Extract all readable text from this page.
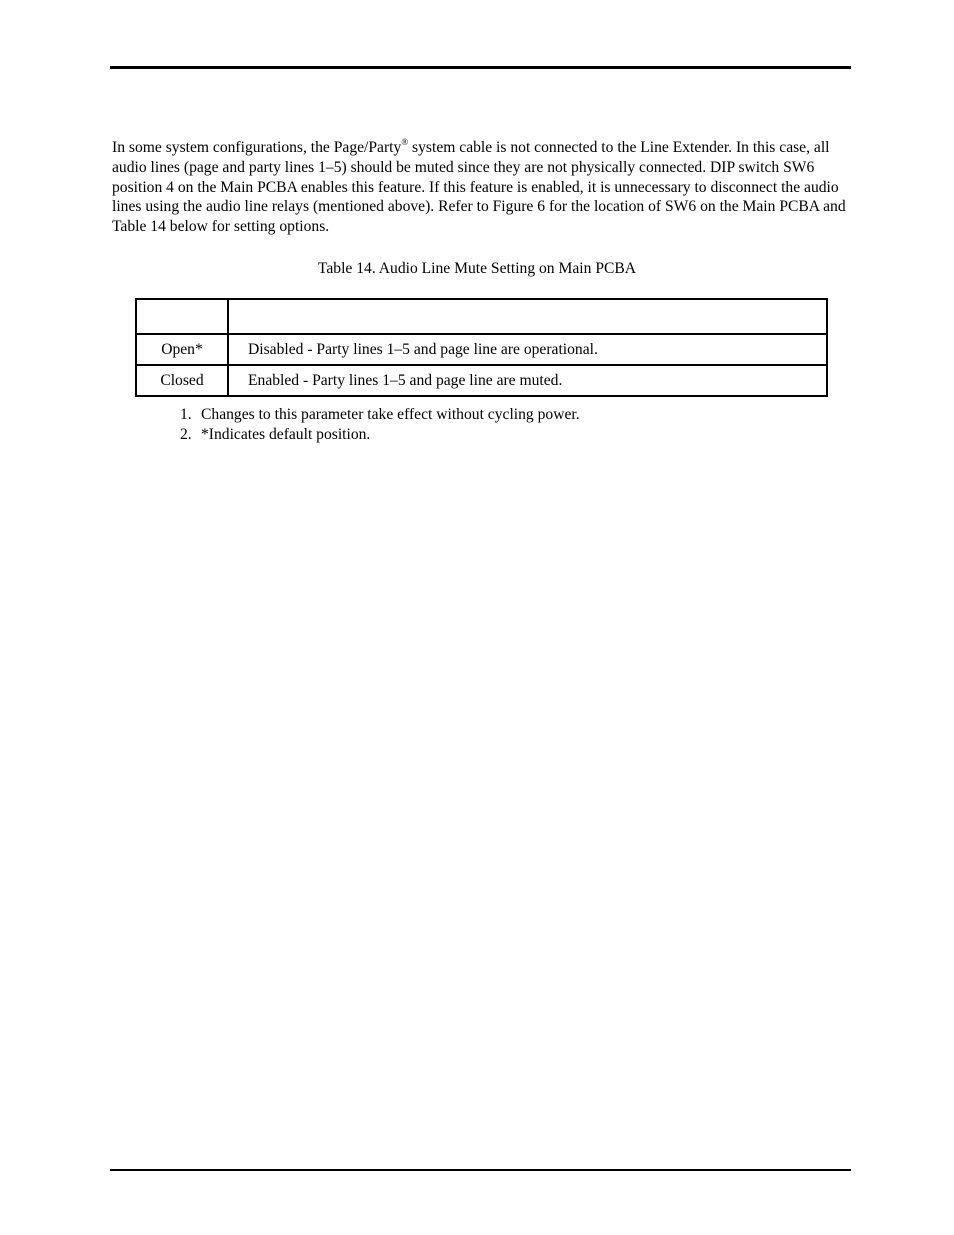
In some system configurations, the Page/Party® system cable is not connected to the Line Extender. In this case, all audio lines (page and party lines 1–5) should be muted since they are not physically connected. DIP switch SW6 position 4 on the Main PCBA enables this feature. If this feature is enabled, it is unnecessary to disconnect the audio lines using the audio line relays (mentioned above). Refer to Figure 6 for the location of SW6 on the Main PCBA and Table 14 below for setting options.

Table 14. Audio Line Mute Setting on Main PCBA

Open*	Disabled - Party lines 1–5 and page line are operational.
Closed	Enabled - Party lines 1–5 and page line are muted.
1. Changes to this parameter take effect without cycling power.
2. *Indicates default position.
